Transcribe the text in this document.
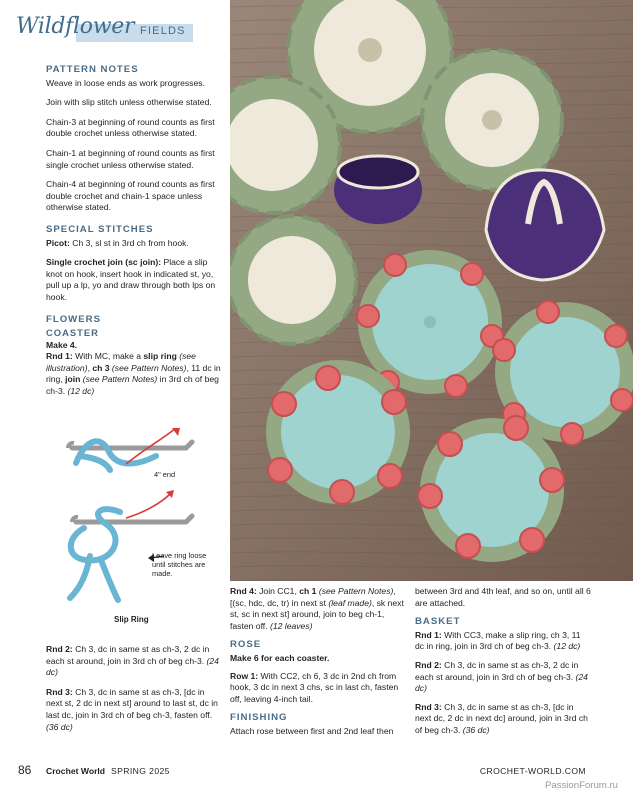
Wildflower FIELDS
PATTERN NOTES

Weave in loose ends as work progresses.

Join with slip stitch unless otherwise stated.

Chain-3 at beginning of round counts as first double crochet unless otherwise stated.

Chain-1 at beginning of round counts as first single crochet unless otherwise stated.

Chain-4 at beginning of round counts as first double crochet and chain-1 space unless otherwise stated.

SPECIAL STITCHES

Picot: Ch 3, sl st in 3rd ch from hook.

Single crochet join (sc join): Place a slip knot on hook, insert hook in indicated st, yo, pull up a lp, yo and draw through both lps on hook.

FLOWERS
COASTER
Make 4.

Rnd 1: With MC, make a slip ring (see illustration), ch 3 (see Pattern Notes), 11 dc in ring, join (see Pattern Notes) in 3rd ch of beg ch-3. (12 dc)

4" end
Leave ring loose until stitches are made.
Slip Ring

Rnd 2: Ch 3, dc in same st as ch-3, 2 dc in each st around, join in 3rd ch of beg ch-3. (24 dc)

Rnd 3: Ch 3, dc in same st as ch-3, [dc in next st, 2 dc in next st] around to last st, dc in last dc, join in 3rd ch of beg ch-3, fasten off. (36 dc)

Rnd 4: Join CC1, ch 1 (see Pattern Notes), [(sc, hdc, dc, tr) in next st (leaf made), sk next st, sc in next st] around, join to beg ch-1, fasten off. (12 leaves)

ROSE

Make 6 for each coaster.

Row 1: With CC2, ch 6, 3 dc in 2nd ch from hook, 3 dc in next 3 chs, sc in last ch, fasten off, leaving 4-inch tail.

FINISHING

Attach rose between first and 2nd leaf then

between 3rd and 4th leaf, and so on, until all 6 are attached.

BASKET

Rnd 1: With CC3, make a slip ring, ch 3, 11 dc in ring, join in 3rd ch of beg ch-3. (12 dc)

Rnd 2: Ch 3, dc in same st as ch-3, 2 dc in each st around, join in 3rd ch of beg ch-3. (24 dc)

Rnd 3: Ch 3, dc in same st as ch-3, [dc in next dc, 2 dc in next dc] around, join in 3rd ch of beg ch-3. (36 dc)

86 Crochet World SPRING 2025	CROCHET-WORLD.COM
PassionForum.ru
